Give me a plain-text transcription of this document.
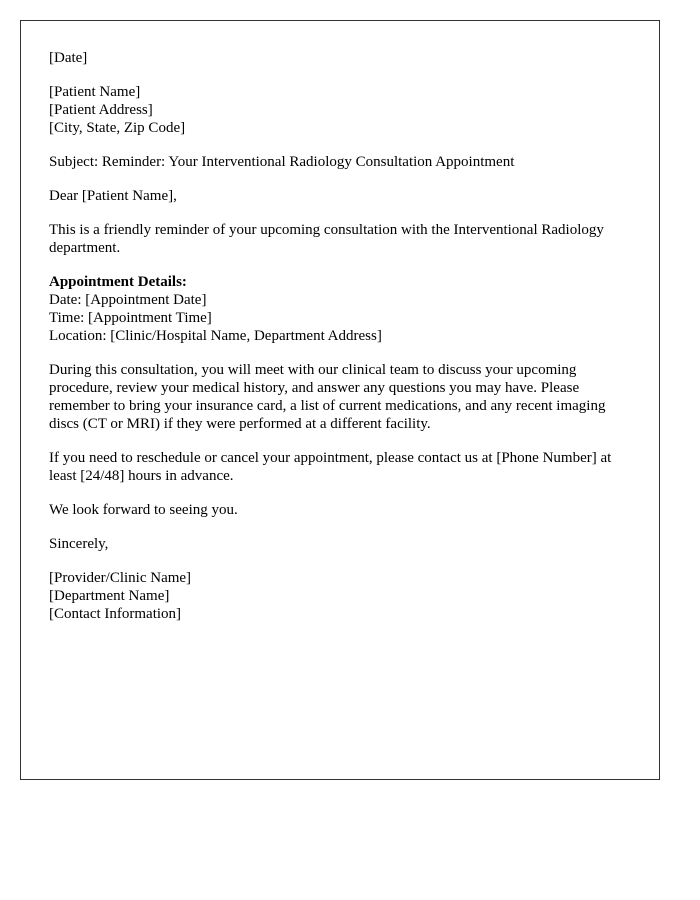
[Date]
[Patient Name]
[Patient Address]
[City, State, Zip Code]
Subject: Reminder: Your Interventional Radiology Consultation Appointment
Dear [Patient Name],
This is a friendly reminder of your upcoming consultation with the Interventional Radiology department.
Appointment Details:
Date: [Appointment Date]
Time: [Appointment Time]
Location: [Clinic/Hospital Name, Department Address]
During this consultation, you will meet with our clinical team to discuss your upcoming procedure, review your medical history, and answer any questions you may have. Please remember to bring your insurance card, a list of current medications, and any recent imaging discs (CT or MRI) if they were performed at a different facility.
If you need to reschedule or cancel your appointment, please contact us at [Phone Number] at least [24/48] hours in advance.
We look forward to seeing you.
Sincerely,
[Provider/Clinic Name]
[Department Name]
[Contact Information]
